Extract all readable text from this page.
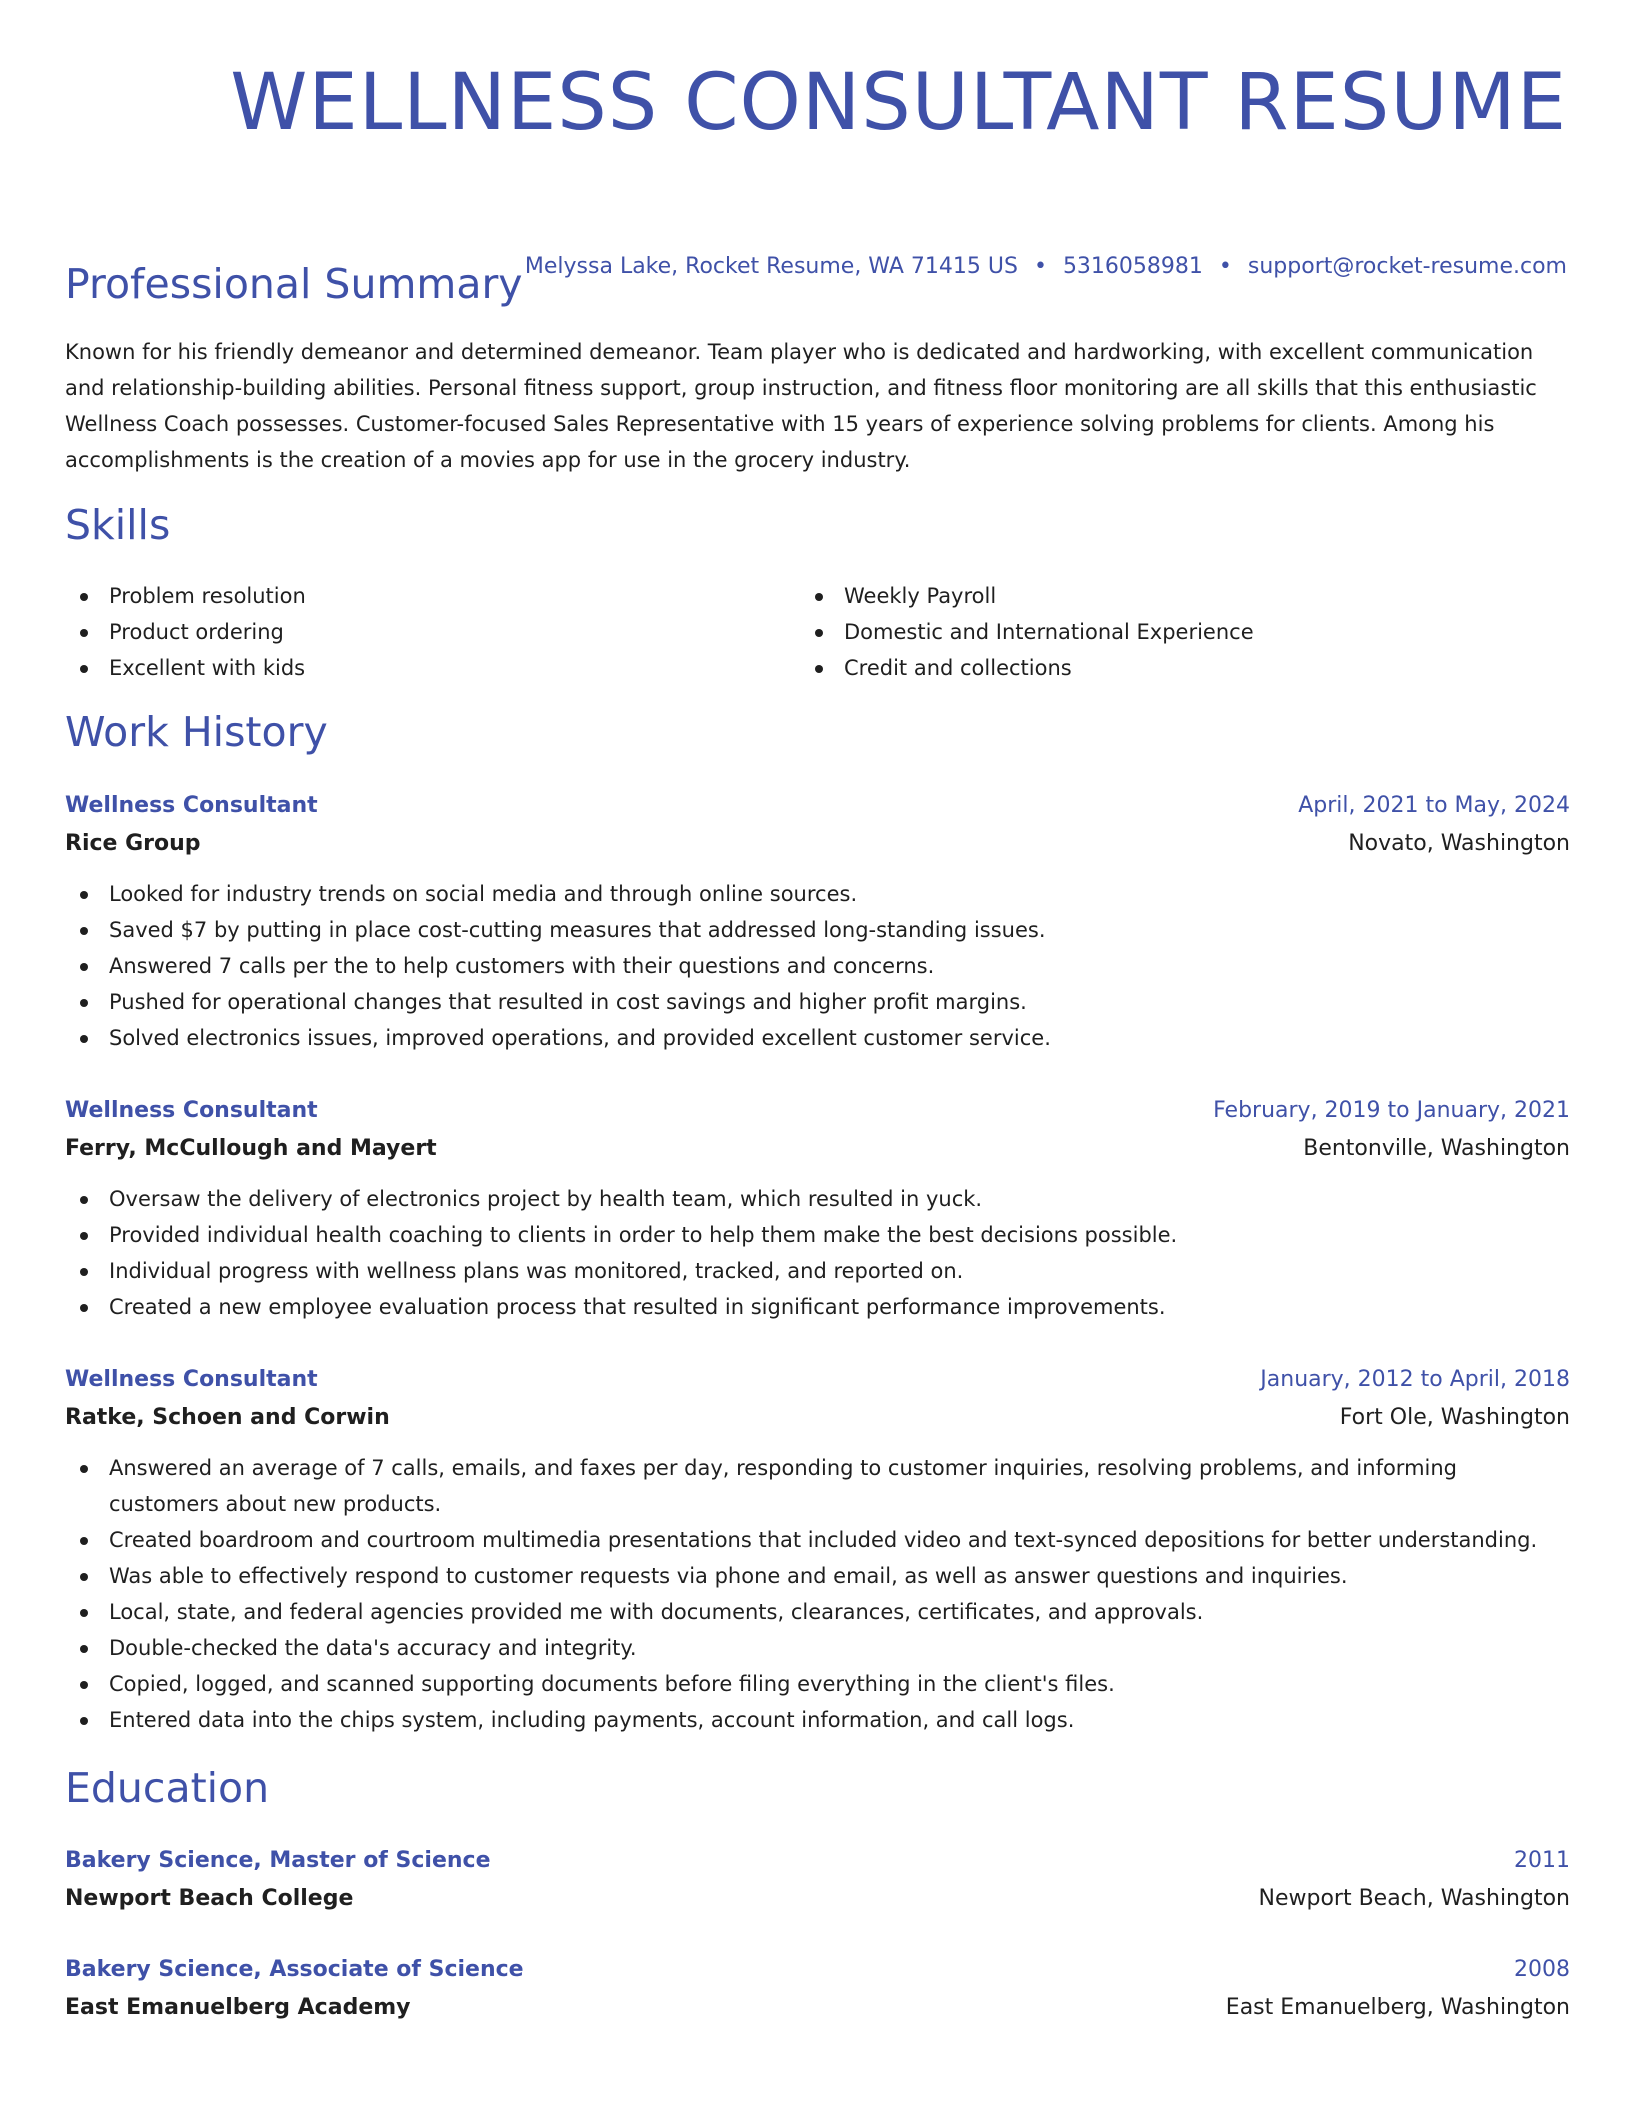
WELLNESS CONSULTANT RESUME
Melyssa Lake, Rocket Resume, WA 71415 US • 5316058981 • support@rocket-resume.com
Professional Summary

Known for his friendly demeanor and determined demeanor. Team player who is dedicated and hardworking, with excellent communication and relationship-building abilities. Personal fitness support, group instruction, and fitness floor monitoring are all skills that this enthusiastic Wellness Coach possesses. Customer-focused Sales Representative with 15 years of experience solving problems for clients. Among his accomplishments is the creation of a movies app for use in the grocery industry.

Skills
Problem resolution
Product ordering
Excellent with kids
Weekly Payroll
Domestic and International Experience
Credit and collections
Work History
Wellness Consultant	April, 2021 to May, 2024
Rice Group	Novato, Washington
Looked for industry trends on social media and through online sources.
Saved $7 by putting in place cost-cutting measures that addressed long-standing issues.
Answered 7 calls per the to help customers with their questions and concerns.
Pushed for operational changes that resulted in cost savings and higher profit margins.
Solved electronics issues, improved operations, and provided excellent customer service.
Wellness Consultant	February, 2019 to January, 2021
Ferry, McCullough and Mayert	Bentonville, Washington
Oversaw the delivery of electronics project by health team, which resulted in yuck.
Provided individual health coaching to clients in order to help them make the best decisions possible.
Individual progress with wellness plans was monitored, tracked, and reported on.
Created a new employee evaluation process that resulted in significant performance improvements.
Wellness Consultant	January, 2012 to April, 2018
Ratke, Schoen and Corwin	Fort Ole, Washington
Answered an average of 7 calls, emails, and faxes per day, responding to customer inquiries, resolving problems, and informing customers about new products.
Created boardroom and courtroom multimedia presentations that included video and text-synced depositions for better understanding.
Was able to effectively respond to customer requests via phone and email, as well as answer questions and inquiries.
Local, state, and federal agencies provided me with documents, clearances, certificates, and approvals.
Double-checked the data's accuracy and integrity.
Copied, logged, and scanned supporting documents before filing everything in the client's files.
Entered data into the chips system, including payments, account information, and call logs.
Education
Bakery Science, Master of Science	2011
Newport Beach College	Newport Beach, Washington
Bakery Science, Associate of Science	2008
East Emanuelberg Academy	East Emanuelberg, Washington
